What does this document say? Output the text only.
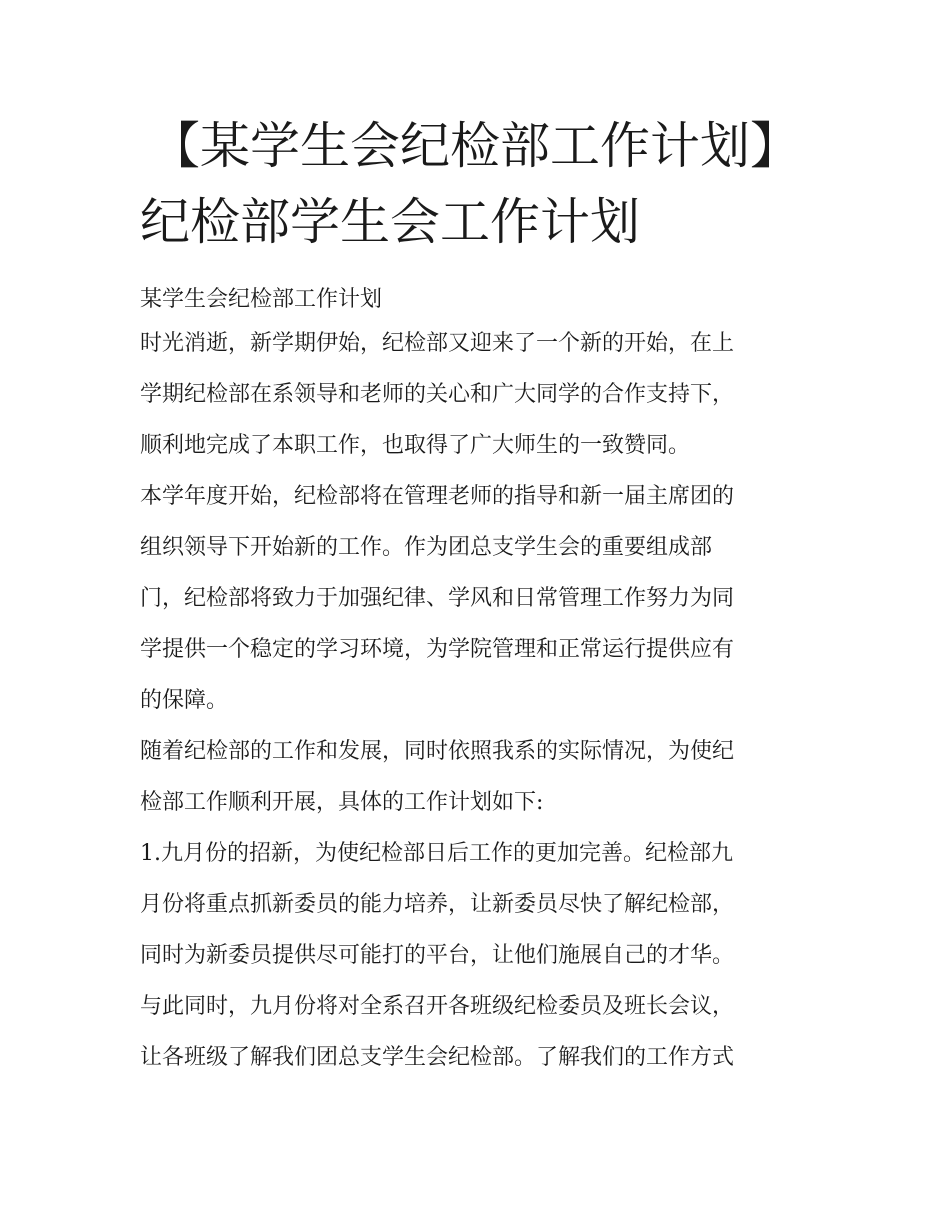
【某学生会纪检部工作计划】
纪检部学生会工作计划
某学生会纪检部工作计划
时光消逝，新学期伊始，纪检部又迎来了一个新的开始，在上
学期纪检部在系领导和老师的关心和广大同学的合作支持下，
顺利地完成了本职工作，也取得了广大师生的一致赞同。
本学年度开始，纪检部将在管理老师的指导和新一届主席团的
组织领导下开始新的工作。作为团总支学生会的重要组成部
门，纪检部将致力于加强纪律、学风和日常管理工作努力为同
学提供一个稳定的学习环境，为学院管理和正常运行提供应有
的保障。
随着纪检部的工作和发展，同时依照我系的实际情况，为使纪
检部工作顺利开展，具体的工作计划如下:
1.九月份的招新，为使纪检部日后工作的更加完善。纪检部九
月份将重点抓新委员的能力培养，让新委员尽快了解纪检部，
同时为新委员提供尽可能打的平台，让他们施展自己的才华。
与此同时，九月份将对全系召开各班级纪检委员及班长会议，
让各班级了解我们团总支学生会纪检部。了解我们的工作方式
